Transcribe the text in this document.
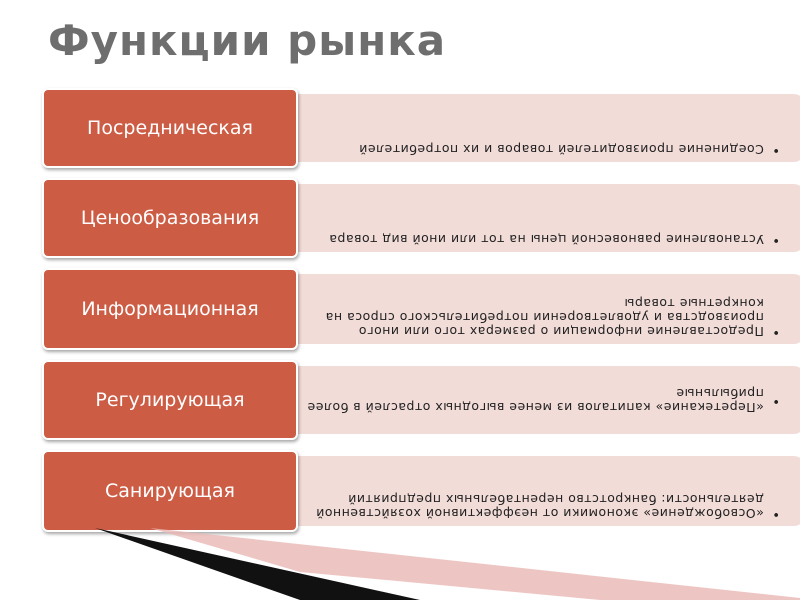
Функции рынка
•
Соединение производителей товаров и их потребителей
Посредническая
•
Установление равновесной цены на тот или иной вид товара
Ценообразования
•
Предоставление информации о размерах того или иного производства и удовлетворении потребительского спроса на конкретные товары
Информационная
•
«Перетекание» капиталов из менее выгодных отраслей в более прибыльные
Регулирующая
•
«Освобождение» экономики от неэффективной хозяйственной деятельности: банкротство нерентабельных предприятий
Санирующая
